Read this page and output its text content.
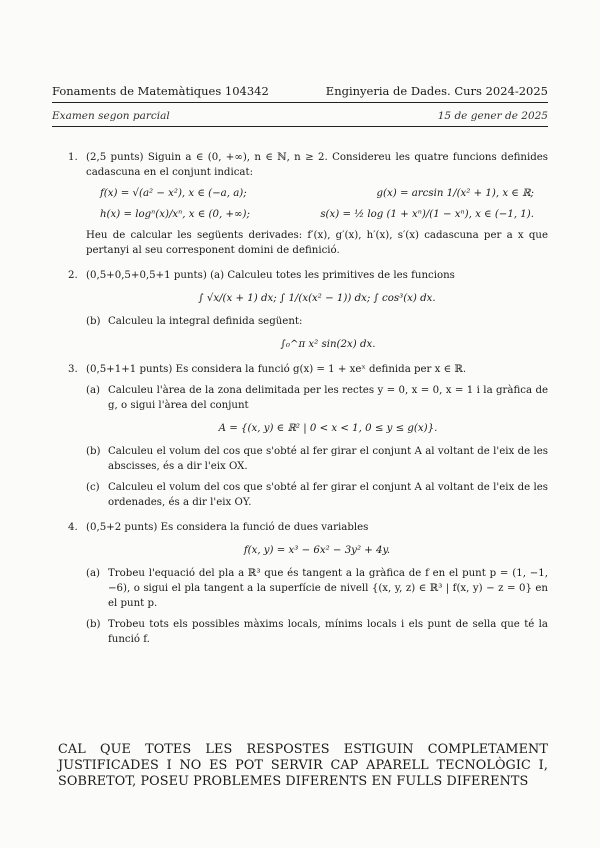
Fonaments de Matemàtiques 104342	Enginyeria de Dades. Curs 2024-2025
Examen segon parcial	15 de gener de 2025
1. (2,5 punts) Siguin a ∈ (0, +∞), n ∈ ℕ, n ≥ 2. Considereu les quatre funcions definides cadascuna en el conjunt indicat:
f(x) = √(a² − x²), x ∈ (−a, a);	g(x) = arcsin 1/(x² + 1), x ∈ ℝ;
h(x) = logⁿ(x)/xⁿ, x ∈ (0, +∞);	s(x) = ½ log (1 + xⁿ)/(1 − xⁿ), x ∈ (−1, 1).
Heu de calcular les següents derivades: f′(x), g′(x), h′(x), s′(x) cadascuna per a x que pertanyi al seu corresponent domini de definició.
2. (0,5+0,5+0,5+1 punts) (a) Calculeu totes les primitives de les funcions
∫ √x/(x + 1) dx; ∫ 1/(x(x² − 1)) dx; ∫ cos³(x) dx.
(b) Calculeu la integral definida següent:
∫₀^π x² sin(2x) dx.
3. (0,5+1+1 punts) Es considera la funció g(x) = 1 + xeˣ definida per x ∈ ℝ.
(a) Calculeu l'àrea de la zona delimitada per les rectes y = 0, x = 0, x = 1 i la gràfica de g, o sigui l'àrea del conjunt
A = {(x, y) ∈ ℝ² | 0 < x < 1, 0 ≤ y ≤ g(x)}.
(b) Calculeu el volum del cos que s'obté al fer girar el conjunt A al voltant de l'eix de les abscisses, és a dir l'eix OX.
(c) Calculeu el volum del cos que s'obté al fer girar el conjunt A al voltant de l'eix de les ordenades, és a dir l'eix OY.
4. (0,5+2 punts) Es considera la funció de dues variables
f(x, y) = x³ − 6x² − 3y² + 4y.
(a) Trobeu l'equació del pla a ℝ³ que és tangent a la gràfica de f en el punt p = (1, −1, −6), o sigui el pla tangent a la superfície de nivell {(x, y, z) ∈ ℝ³ | f(x, y) − z = 0} en el punt p.
(b) Trobeu tots els possibles màxims locals, mínims locals i els punt de sella que té la funció f.
CAL QUE TOTES LES RESPOSTES ESTIGUIN COMPLETAMENT JUSTIFICADES I NO ES POT SERVIR CAP APARELL TECNOLÒGIC I, SOBRETOT, POSEU PROBLEMES DIFERENTS EN FULLS DIFERENTS
